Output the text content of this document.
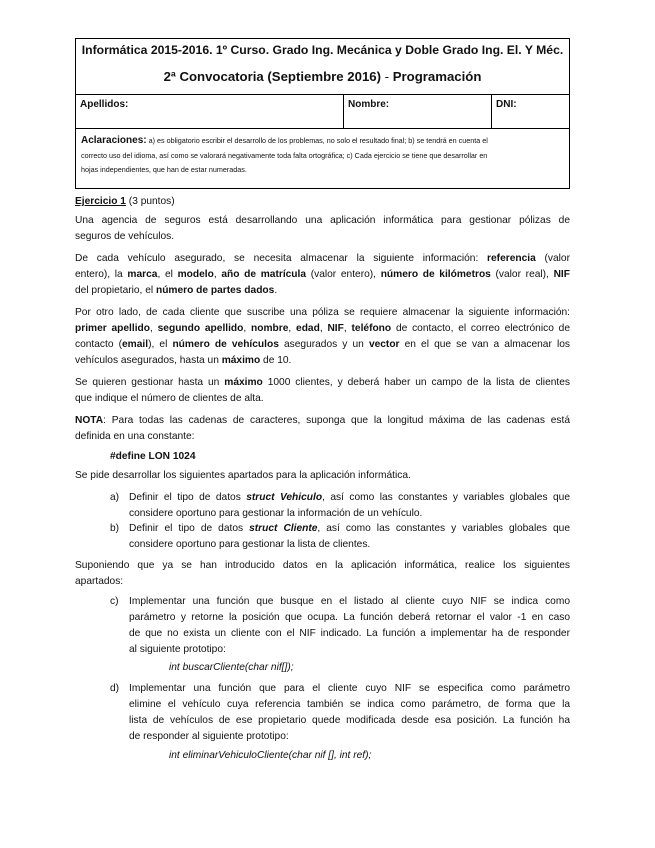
Informática 2015-2016. 1º Curso. Grado Ing. Mecánica y Doble Grado Ing. El. Y Méc.
2ª Convocatoria (Septiembre 2016) - Programación
Apellidos:	Nombre:	DNI:
Aclaraciones: a) es obligatorio escribir el desarrollo de los problemas, no solo el resultado final; b) se tendrá en cuenta el
correcto uso del idioma, así como se valorará negativamente toda falta ortográfica; c) Cada ejercicio se tiene que desarrollar en
hojas independientes, que han de estar numeradas.
Ejercicio 1 (3 puntos)
Una agencia de seguros está desarrollando una aplicación informática para gestionar pólizas de
seguros de vehículos.
De cada vehículo asegurado, se necesita almacenar la siguiente información: referencia (valor
entero), la marca, el modelo, año de matrícula (valor entero), número de kilómetros (valor real), NIF
del propietario, el número de partes dados.
Por otro lado, de cada cliente que suscribe una póliza se requiere almacenar la siguiente información:
primer apellido, segundo apellido, nombre, edad, NIF, teléfono de contacto, el correo electrónico de
contacto (email), el número de vehículos asegurados y un vector en el que se van a almacenar los
vehículos asegurados, hasta un máximo de 10.
Se quieren gestionar hasta un máximo 1000 clientes, y deberá haber un campo de la lista de clientes
que indique el número de clientes de alta.
NOTA: Para todas las cadenas de caracteres, suponga que la longitud máxima de las cadenas está
definida en una constante:
#define LON 1024
Se pide desarrollar los siguientes apartados para la aplicación informática.
a) Definir el tipo de datos struct Vehiculo, así como las constantes y variables globales que
considere oportuno para gestionar la información de un vehículo.
b) Definir el tipo de datos struct Cliente, así como las constantes y variables globales que
considere oportuno para gestionar la lista de clientes.
Suponiendo que ya se han introducido datos en la aplicación informática, realice los siguientes
apartados:
c) Implementar una función que busque en el listado al cliente cuyo NIF se indica como
parámetro y retorne la posición que ocupa. La función deberá retornar el valor -1 en caso
de que no exista un cliente con el NIF indicado. La función a implementar ha de responder
al siguiente prototipo:
int buscarCliente(char nif[]);
d) Implementar una función que para el cliente cuyo NIF se especifica como parámetro
elimine el vehículo cuya referencia también se indica como parámetro, de forma que la
lista de vehículos de ese propietario quede modificada desde esa posición. La función ha
de responder al siguiente prototipo:
int eliminarVehiculoCliente(char nif [], int ref);
